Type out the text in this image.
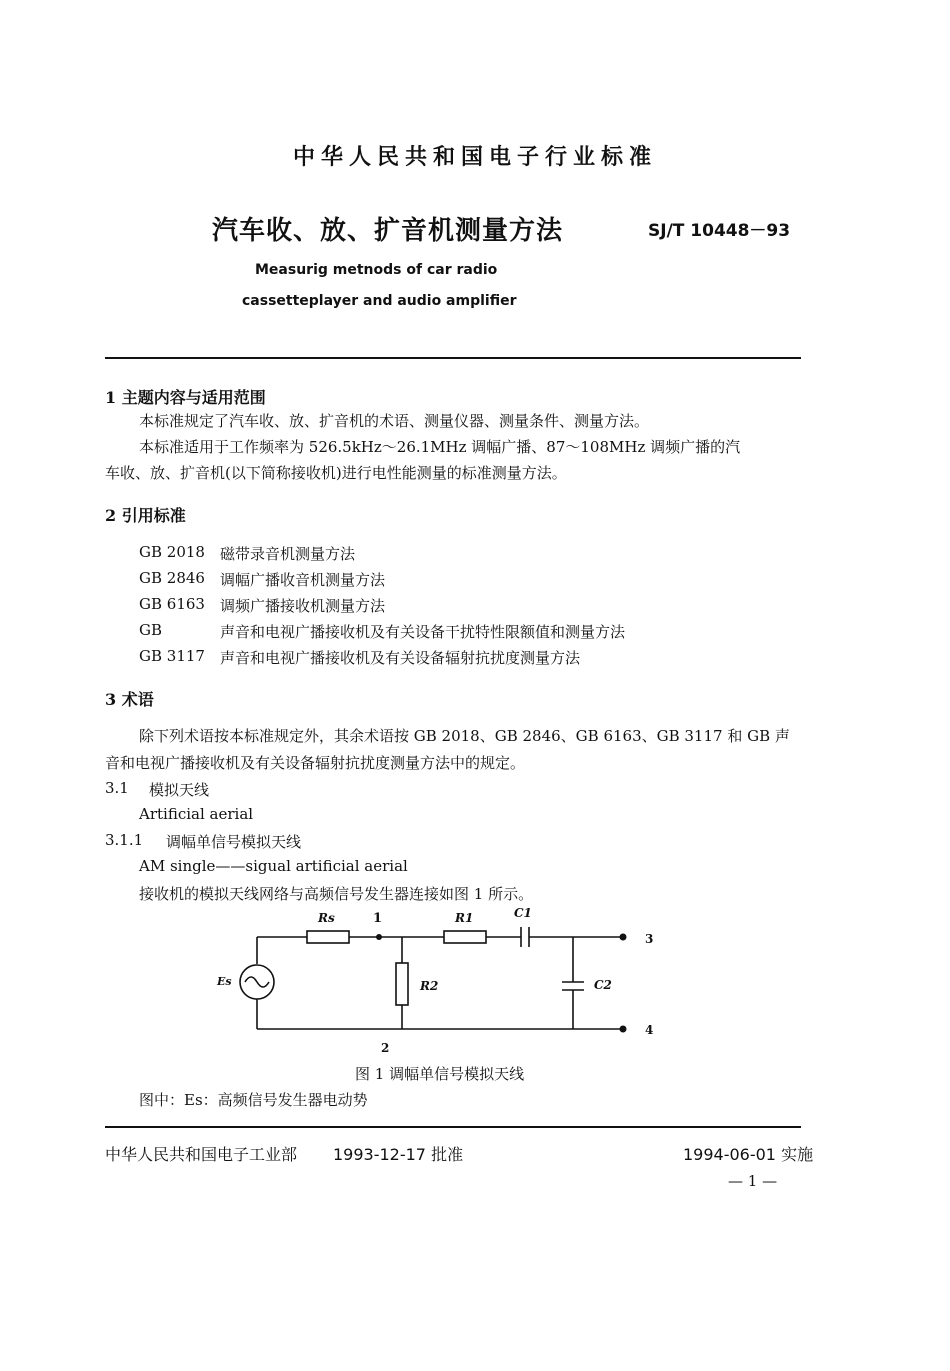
中华人民共和国电子行业标准
汽车收、放、扩音机测量方法	SJ/T 10448－93
Measurig metnods of car radio
cassetteplayer and audio amplifier
1 主题内容与适用范围
本标准规定了汽车收、放、扩音机的术语、测量仪器、测量条件、测量方法。
本标准适用于工作频率为 526.5kHz～26.1MHz 调幅广播、87～108MHz 调频广播的汽
车收、放、扩音机(以下简称接收机)进行电性能测量的标准测量方法。
2 引用标准
GB 2018 磁带录音机测量方法
GB 2846 调幅广播收音机测量方法
GB 6163 调频广播接收机测量方法
GB	声音和电视广播接收机及有关设备干扰特性限额值和测量方法
GB 3117 声音和电视广播接收机及有关设备辐射抗扰度测量方法
3 术语
除下列术语按本标准规定外，其余术语按 GB 2018、GB 2846、GB 6163、GB 3117 和 GB 声
音和电视广播接收机及有关设备辐射抗扰度测量方法中的规定。
3.1 模拟天线
Artificial aerial
3.1.1 调幅单信号模拟天线
AM single——sigual artificial aerial
接收机的模拟天线网络与高频信号发生器连接如图 1 所示。
Rs	1	R1	C1
3
Es	R2	C2
4
2
图 1 调幅单信号模拟天线
图中：Es：高频信号发生器电动势
中华人民共和国电子工业部 1993-12-17 批准	1994-06-01 实施
— 1 —
